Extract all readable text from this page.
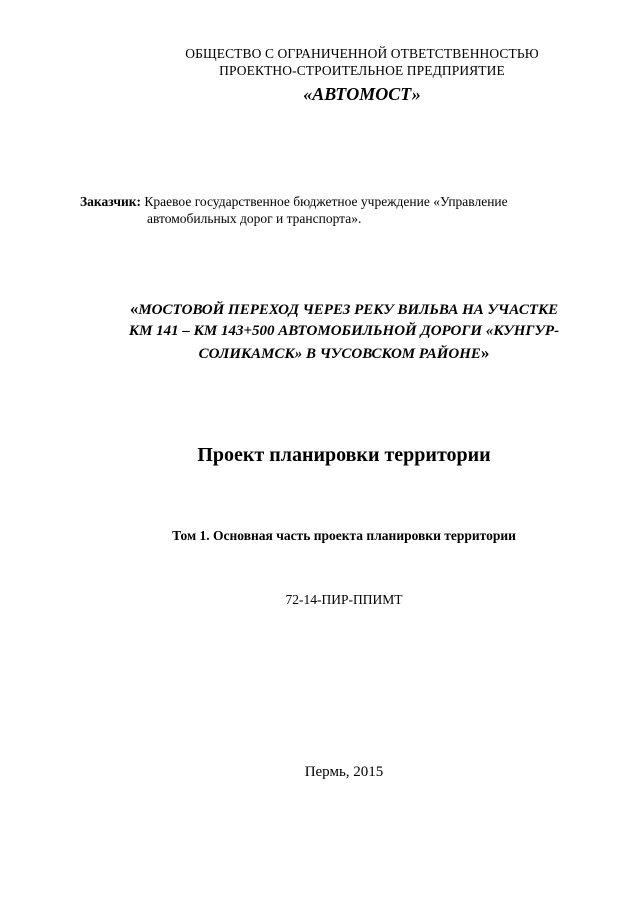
ОБЩЕСТВО С ОГРАНИЧЕННОЙ ОТВЕТСТВЕННОСТЬЮ
ПРОЕКТНО-СТРОИТЕЛЬНОЕ ПРЕДПРИЯТИЕ
«АВТОМОСТ»
Заказчик: Краевое государственное бюджетное учреждение «Управление
автомобильных дорог и транспорта».
«МОСТОВОЙ ПЕРЕХОД ЧЕРЕЗ РЕКУ ВИЛЬВА НА УЧАСТКЕ
КМ 141 – КМ 143+500 АВТОМОБИЛЬНОЙ ДОРОГИ «КУНГУР-
СОЛИКАМСК» В ЧУСОВСКОМ РАЙОНЕ»
Проект планировки территории
Том 1. Основная часть проекта планировки территории
72-14-ПИР-ППИМТ
Пермь, 2015
